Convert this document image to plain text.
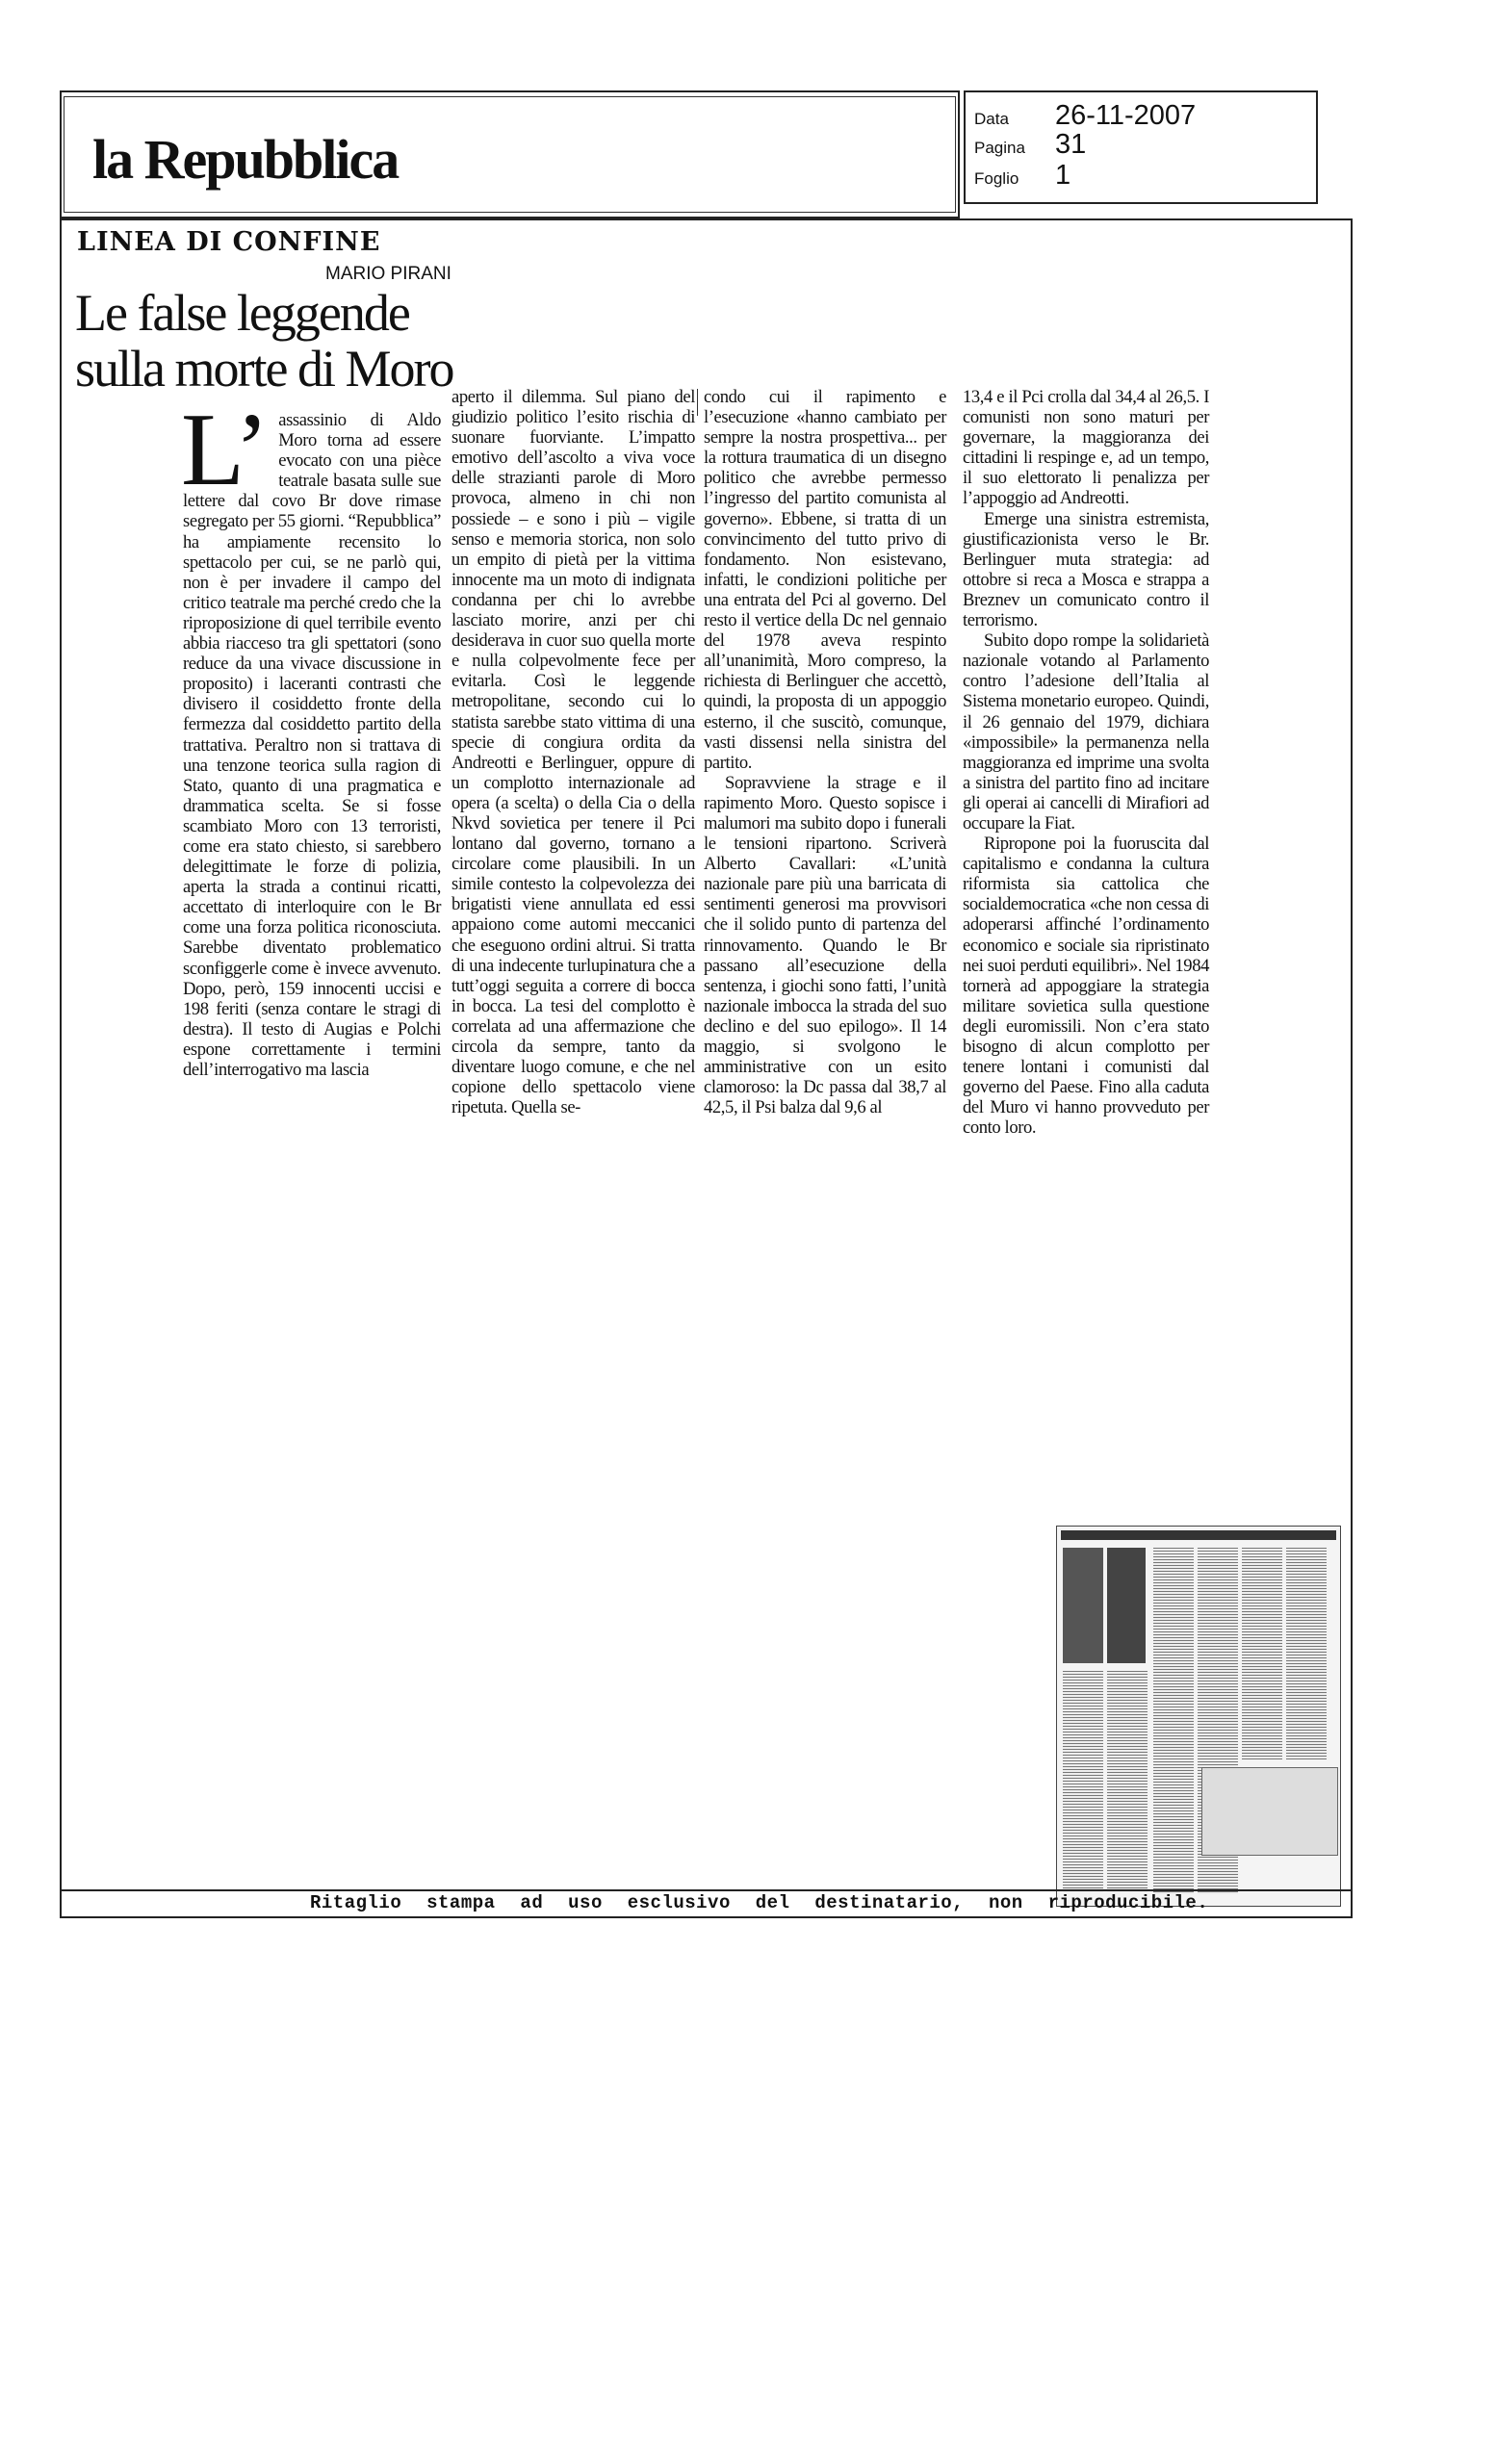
la Repubblica
Data	26-11-2007
Pagina	31
Foglio	1
LINEA DI CONFINE
MARIO PIRANI
Le false leggende
sulla morte di Moro
L’ assassinio di Aldo Moro torna ad essere evocato con una pièce teatrale basata sulle sue lettere dal covo Br dove rimase segregato per 55 giorni. “Repubblica” ha ampiamente recensito lo spettacolo per cui, se ne parlò qui, non è per invadere il campo del critico teatrale ma perché credo che la riproposizione di quel terribile evento abbia riacceso tra gli spettatori (sono reduce da una vivace discussione in proposito) i laceranti contrasti che divisero il cosiddetto fronte della fermezza dal cosiddetto partito della trattativa. Peraltro non si trattava di una tenzone teorica sulla ragion di Stato, quanto di una pragmatica e drammatica scelta. Se si fosse scambiato Moro con 13 terroristi, come era stato chiesto, si sarebbero delegittimate le forze di polizia, aperta la strada a continui ricatti, accettato di interloquire con le Br come una forza politica riconosciuta. Sarebbe diventato problematico sconfiggerle come è invece avvenuto. Dopo, però, 159 innocenti uccisi e 198 feriti (senza contare le stragi di destra). Il testo di Augias e Polchi espone correttamente i termini dell’interrogativo ma lascia

aperto il dilemma. Sul piano del giudizio politico l’esito rischia di suonare fuorviante. L’impatto emotivo dell’ascolto a viva voce delle strazianti parole di Moro provoca, almeno in chi non possiede – e sono i più – vigile senso e memoria storica, non solo un empito di pietà per la vittima innocente ma un moto di indignata condanna per chi lo avrebbe lasciato morire, anzi per chi desiderava in cuor suo quella morte e nulla colpevolmente fece per evitarla. Così le leggende metropolitane, secondo cui lo statista sarebbe stato vittima di una specie di congiura ordita da Andreotti e Berlinguer, oppure di un complotto internazionale ad opera (a scelta) o della Cia o della Nkvd sovietica per tenere il Pci lontano dal governo, tornano a circolare come plausibili. In un simile contesto la colpevolezza dei brigatisti viene annullata ed essi appaiono come automi meccanici che eseguono ordini altrui. Si tratta di una indecente turlupinatura che a tutt’oggi seguita a correre di bocca in bocca. La tesi del complotto è correlata ad una affermazione che circola da sempre, tanto da diventare luogo comune, e che nel copione dello spettacolo viene ripetuta. Quella se-

condo cui il rapimento e l’esecuzione «hanno cambiato per sempre la nostra prospettiva... per la rottura traumatica di un disegno politico che avrebbe permesso l’ingresso del partito comunista al governo». Ebbene, si tratta di un convincimento del tutto privo di fondamento. Non esistevano, infatti, le condizioni politiche per una entrata del Pci al governo. Del resto il vertice della Dc nel gennaio del 1978 aveva respinto all’unanimità, Moro compreso, la richiesta di Berlinguer che accettò, quindi, la proposta di un appoggio esterno, il che suscitò, comunque, vasti dissensi nella sinistra del partito.

Sopravviene la strage e il rapimento Moro. Questo sopisce i malumori ma subito dopo i funerali le tensioni ripartono. Scriverà Alberto Cavallari: «L’unità nazionale pare più una barricata di sentimenti generosi ma provvisori che il solido punto di partenza del rinnovamento. Quando le Br passano all’esecuzione della sentenza, i giochi sono fatti, l’unità nazionale imbocca la strada del suo declino e del suo epilogo». Il 14 maggio, si svolgono le amministrative con un esito clamoroso: la Dc passa dal 38,7 al 42,5, il Psi balza dal 9,6 al

13,4 e il Pci crolla dal 34,4 al 26,5. I comunisti non sono maturi per governare, la maggioranza dei cittadini li respinge e, ad un tempo, il suo elettorato li penalizza per l’appoggio ad Andreotti.

Emerge una sinistra estremista, giustificazionista verso le Br. Berlinguer muta strategia: ad ottobre si reca a Mosca e strappa a Breznev un comunicato contro il terrorismo.

Subito dopo rompe la solidarietà nazionale votando al Parlamento contro l’adesione dell’Italia al Sistema monetario europeo. Quindi, il 26 gennaio del 1979, dichiara «impossibile» la permanenza nella maggioranza ed imprime una svolta a sinistra del partito fino ad incitare gli operai ai cancelli di Mirafiori ad occupare la Fiat.

Ripropone poi la fuoruscita dal capitalismo e condanna la cultura riformista sia cattolica che socialdemocratica «che non cessa di adoperarsi affinché l’ordinamento economico e sociale sia ripristinato nei suoi perduti equilibri». Nel 1984 tornerà ad appoggiare la strategia militare sovietica sulla questione degli euromissili. Non c’era stato bisogno di alcun complotto per tenere lontani i comunisti dal governo del Paese. Fino alla caduta del Muro vi hanno provveduto per conto loro.

Ritaglio stampa ad uso esclusivo del destinatario, non riproducibile.
